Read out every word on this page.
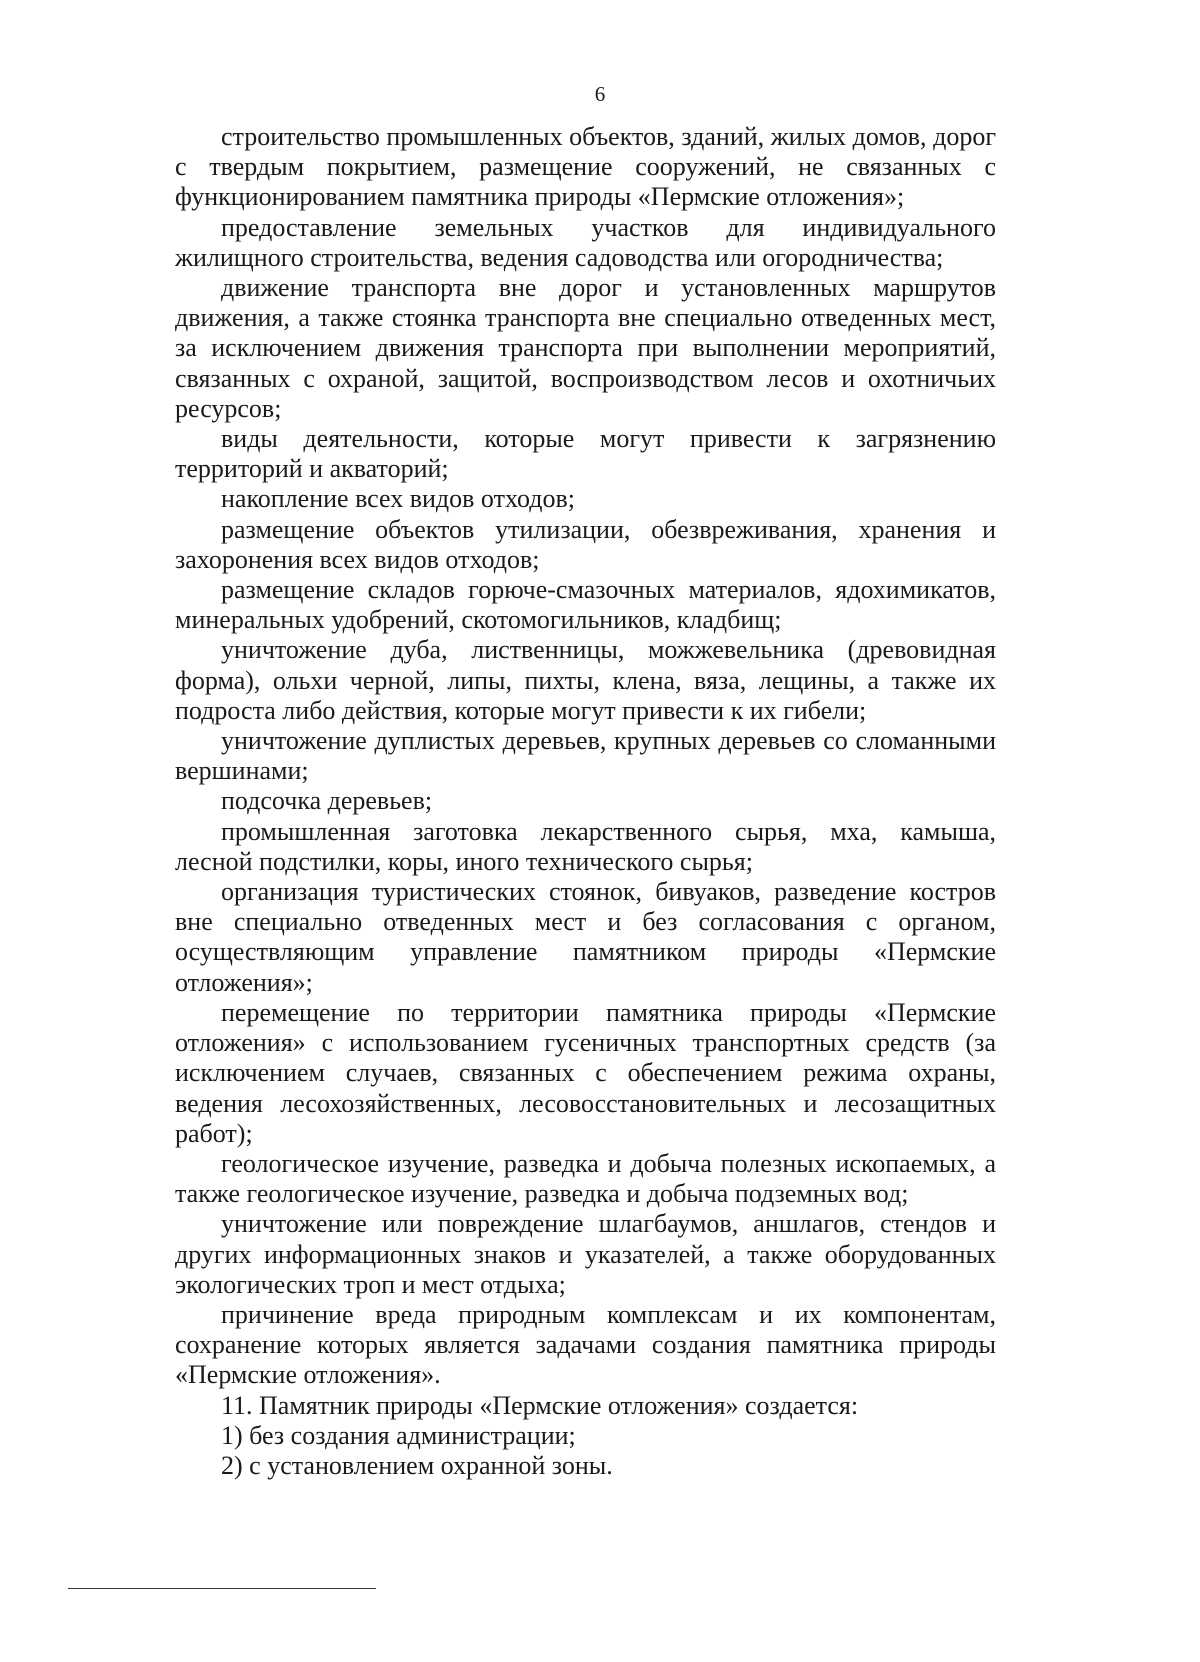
6

строительство промышленных объектов, зданий, жилых домов, дорог с твердым покрытием, размещение сооружений, не связанных с функционированием памятника природы «Пермские отложения»;

предоставление земельных участков для индивидуального жилищного строительства, ведения садоводства или огородничества;

движение транспорта вне дорог и установленных маршрутов движения, а также стоянка транспорта вне специально отведенных мест, за исключением движения транспорта при выполнении мероприятий, связанных с охраной, защитой, воспроизводством лесов и охотничьих ресурсов;

виды деятельности, которые могут привести к загрязнению территорий и акваторий;

накопление всех видов отходов;

размещение объектов утилизации, обезвреживания, хранения и захоронения всех видов отходов;

размещение складов горюче-смазочных материалов, ядохимикатов, минеральных удобрений, скотомогильников, кладбищ;

уничтожение дуба, лиственницы, можжевельника (древовидная форма), ольхи черной, липы, пихты, клена, вяза, лещины, а также их подроста либо действия, которые могут привести к их гибели;

уничтожение дуплистых деревьев, крупных деревьев со сломанными вершинами;

подсочка деревьев;

промышленная заготовка лекарственного сырья, мха, камыша, лесной подстилки, коры, иного технического сырья;

организация туристических стоянок, бивуаков, разведение костров вне специально отведенных мест и без согласования с органом, осуществляющим управление памятником природы «Пермские отложения»;

перемещение по территории памятника природы «Пермские отложения» с использованием гусеничных транспортных средств (за исключением случаев, связанных с обеспечением режима охраны, ведения лесохозяйственных, лесовосстановительных и лесозащитных работ);

геологическое изучение, разведка и добыча полезных ископаемых, а также геологическое изучение, разведка и добыча подземных вод;

уничтожение или повреждение шлагбаумов, аншлагов, стендов и других информационных знаков и указателей, а также оборудованных экологических троп и мест отдыха;

причинение вреда природным комплексам и их компонентам, сохранение которых является задачами создания памятника природы «Пермские отложения».

11. Памятник природы «Пермские отложения» создается:

1) без создания администрации;

2) с установлением охранной зоны.
